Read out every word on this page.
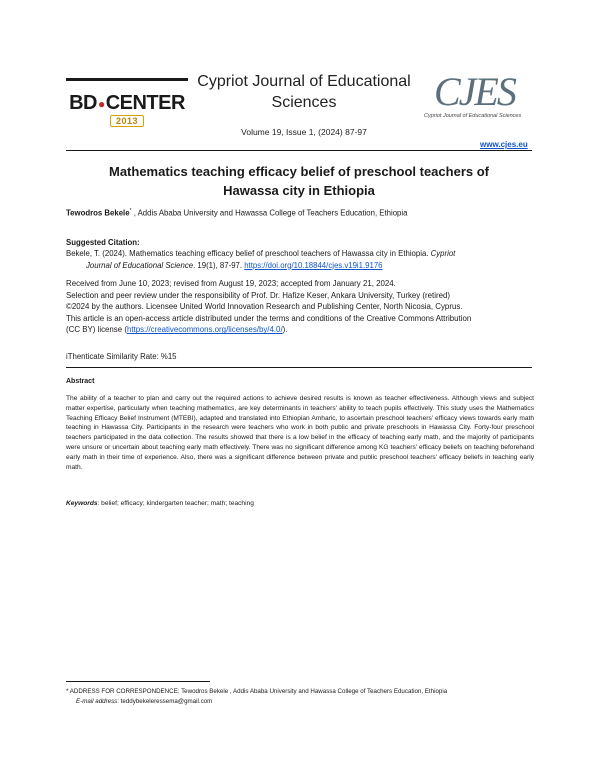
BD●CENTER
2013
Cypriot Journal of Educational Sciences
Volume 19, Issue 1, (2024) 87-97
CJES
Cypriot Journal of Educational Sciences
www.cjes.eu
Mathematics teaching efficacy belief of preschool teachers of
Hawassa city in Ethiopia
Tewodros Bekele* , Addis Ababa University and Hawassa College of Teachers Education, Ethiopia
Suggested Citation:
Bekele, T. (2024). Mathematics teaching efficacy belief of preschool teachers of Hawassa city in Ethiopia. Cypriot
Journal of Educational Science. 19(1), 87-97. https://doi.org/10.18844/cjes.v19i1.9176
Received from June 10, 2023; revised from August 19, 2023; accepted from January 21, 2024.
Selection and peer review under the responsibility of Prof. Dr. Hafize Keser, Ankara University, Turkey (retired)
©2024 by the authors. Licensee United World Innovation Research and Publishing Center, North Nicosia, Cyprus.
This article is an open-access article distributed under the terms and conditions of the Creative Commons Attribution
(CC BY) license (https://creativecommons.org/licenses/by/4.0/).
iThenticate Similarity Rate: %15
Abstract
The ability of a teacher to plan and carry out the required actions to achieve desired results is known as teacher effectiveness. Although views and subject matter expertise, particularly when teaching mathematics, are key determinants in teachers' ability to teach pupils effectively. This study uses the Mathematics Teaching Efficacy Belief Instrument (MTEBI), adapted and translated into Ethiopian Amharic, to ascertain preschool teachers' efficacy views towards early math teaching in Hawassa City. Participants in the research were teachers who work in both public and private preschools in Hawassa City. Forty-four preschool teachers participated in the data collection. The results showed that there is a low belief in the efficacy of teaching early math, and the majority of participants were unsure or uncertain about teaching early math effectively. There was no significant difference among KG teachers' efficacy beliefs on teaching beforehand early math in their time of experience. Also, there was a significant difference between private and public preschool teachers' efficacy beliefs in teaching early math.
Keywords: belief; efficacy; kindergarten teacher; math; teaching
* ADDRESS FOR CORRESPONDENCE: Tewodros Bekele , Addis Ababa University and Hawassa College of Teachers Education, Ethiopia
E-mail address: teddybekeleressema@gmail.com
